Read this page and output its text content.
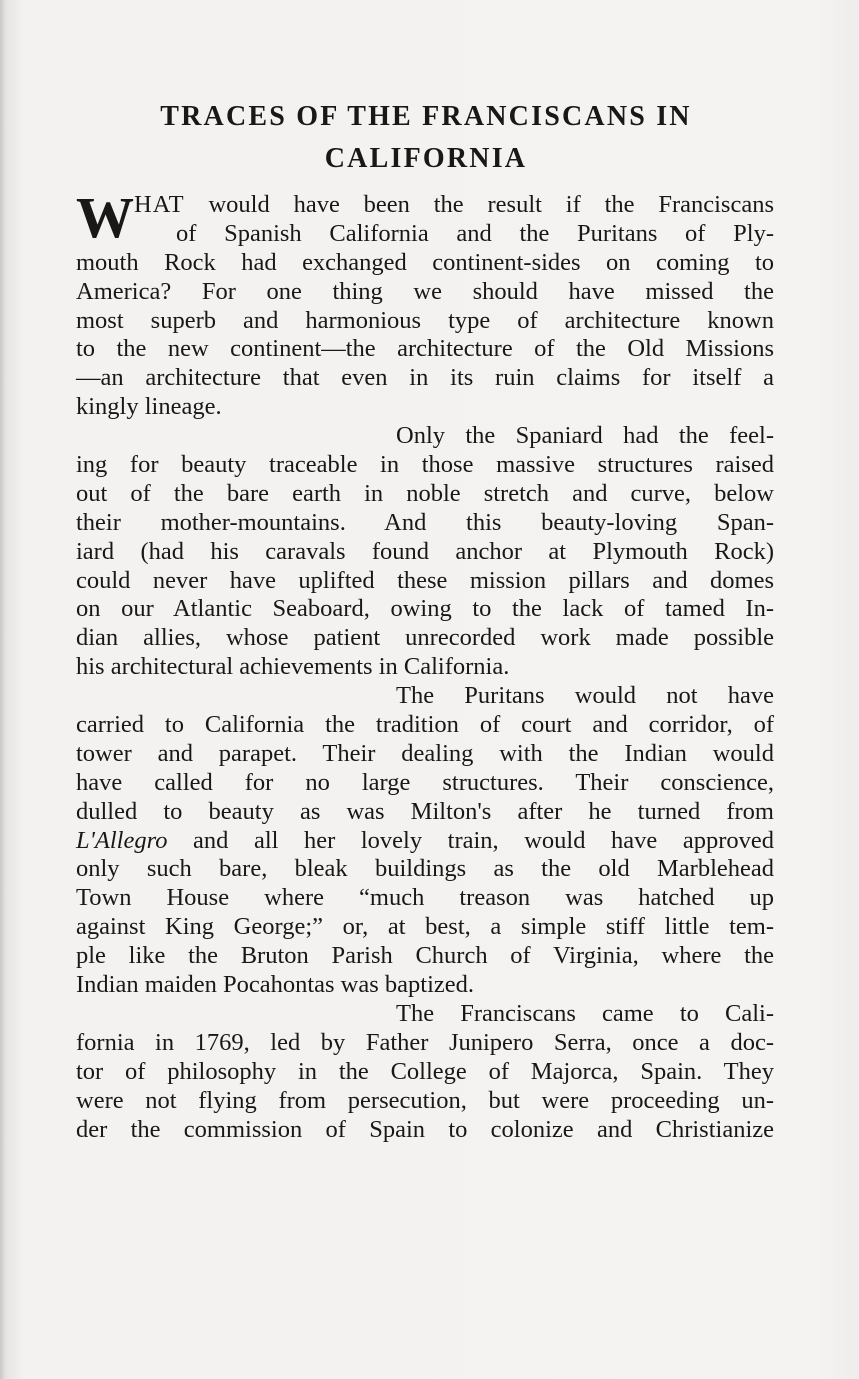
TRACES OF THE FRANCISCANS IN
CALIFORNIA
W HAT would have been the result if the Franciscans
of Spanish California and the Puritans of Ply-
mouth Rock had exchanged continent-sides on coming to
America? For one thing we should have missed the
most superb and harmonious type of architecture known
to the new continent—the architecture of the Old Missions
—an architecture that even in its ruin claims for itself a
kingly lineage.
Only the Spaniard had the feel-
ing for beauty traceable in those massive structures raised
out of the bare earth in noble stretch and curve, below
their mother-mountains. And this beauty-loving Span-
iard (had his caravals found anchor at Plymouth Rock)
could never have uplifted these mission pillars and domes
on our Atlantic Seaboard, owing to the lack of tamed In-
dian allies, whose patient unrecorded work made possible
his architectural achievements in California.
The Puritans would not have
carried to California the tradition of court and corridor, of
tower and parapet. Their dealing with the Indian would
have called for no large structures. Their conscience,
dulled to beauty as was Milton's after he turned from
L'Allegro and all her lovely train, would have approved
only such bare, bleak buildings as the old Marblehead
Town House where “much treason was hatched up
against King George;” or, at best, a simple stiff little tem-
ple like the Bruton Parish Church of Virginia, where the
Indian maiden Pocahontas was baptized.
The Franciscans came to Cali-
fornia in 1769, led by Father Junipero Serra, once a doc-
tor of philosophy in the College of Majorca, Spain. They
were not flying from persecution, but were proceeding un-
der the commission of Spain to colonize and Christianize
